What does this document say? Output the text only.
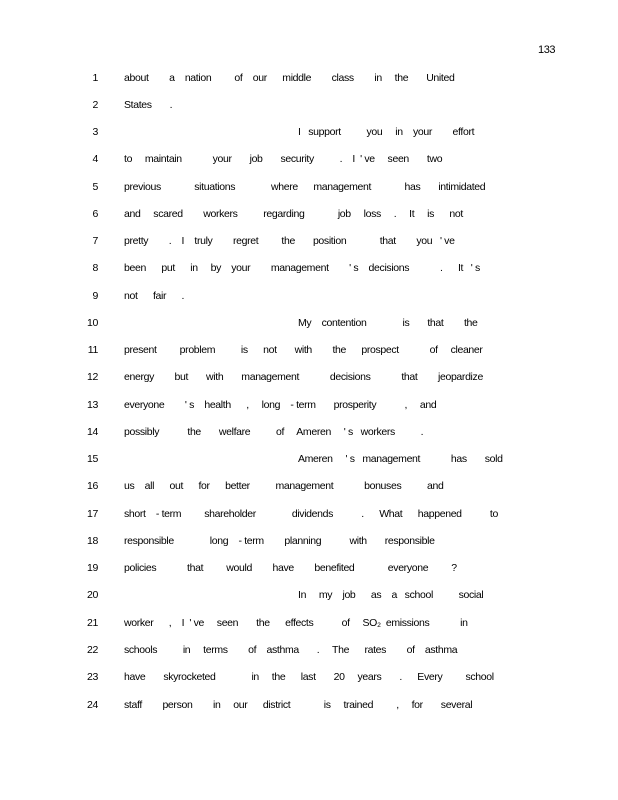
133
1 about        a    nation         of    our      middle        class        in     the       United
2 States       .
3	I   support          you     in    your        effort
4 to     maintain            your       job       security          .    I  ' ve     seen       two
5 previous             situations              where      management             has       intimidated
6 and     scared        workers          regarding             job     loss     .     It     is      not
7 pretty        .    I    truly        regret         the       position             that        you   ' ve
8 been      put      in     by    your        management        ' s    decisions            .      It   ' s
9 not      fair      .
10	My    contention              is       that        the
11 present         problem          is      not       with        the      prospect            of     cleaner
12 energy        but       with       management            decisions            that        jeopardize
13 everyone        ' s    health      ,     long    - term       prosperity           ,     and
14 possibly           the       welfare          of     Ameren     ' s   workers          .
15	Ameren     ' s   management            has       sold
16 us    all      out      for      better          management            bonuses          and
17 short    - term         shareholder              dividends           .      What      happened           to
18 responsible              long    - term        planning           with       responsible
19 policies            that         would        have        benefited             everyone         ?
20	In     my    job      as    a   school          social
21 worker      ,    I  ' ve     seen       the      effects           of     SO₂  emissions            in
22 schools          in     terms        of    asthma       .     The      rates        of    asthma
23 have       skyrocketed              in     the      last       20     years       .      Every         school
24 staff        person        in     our      district             is     trained         ,     for       several
